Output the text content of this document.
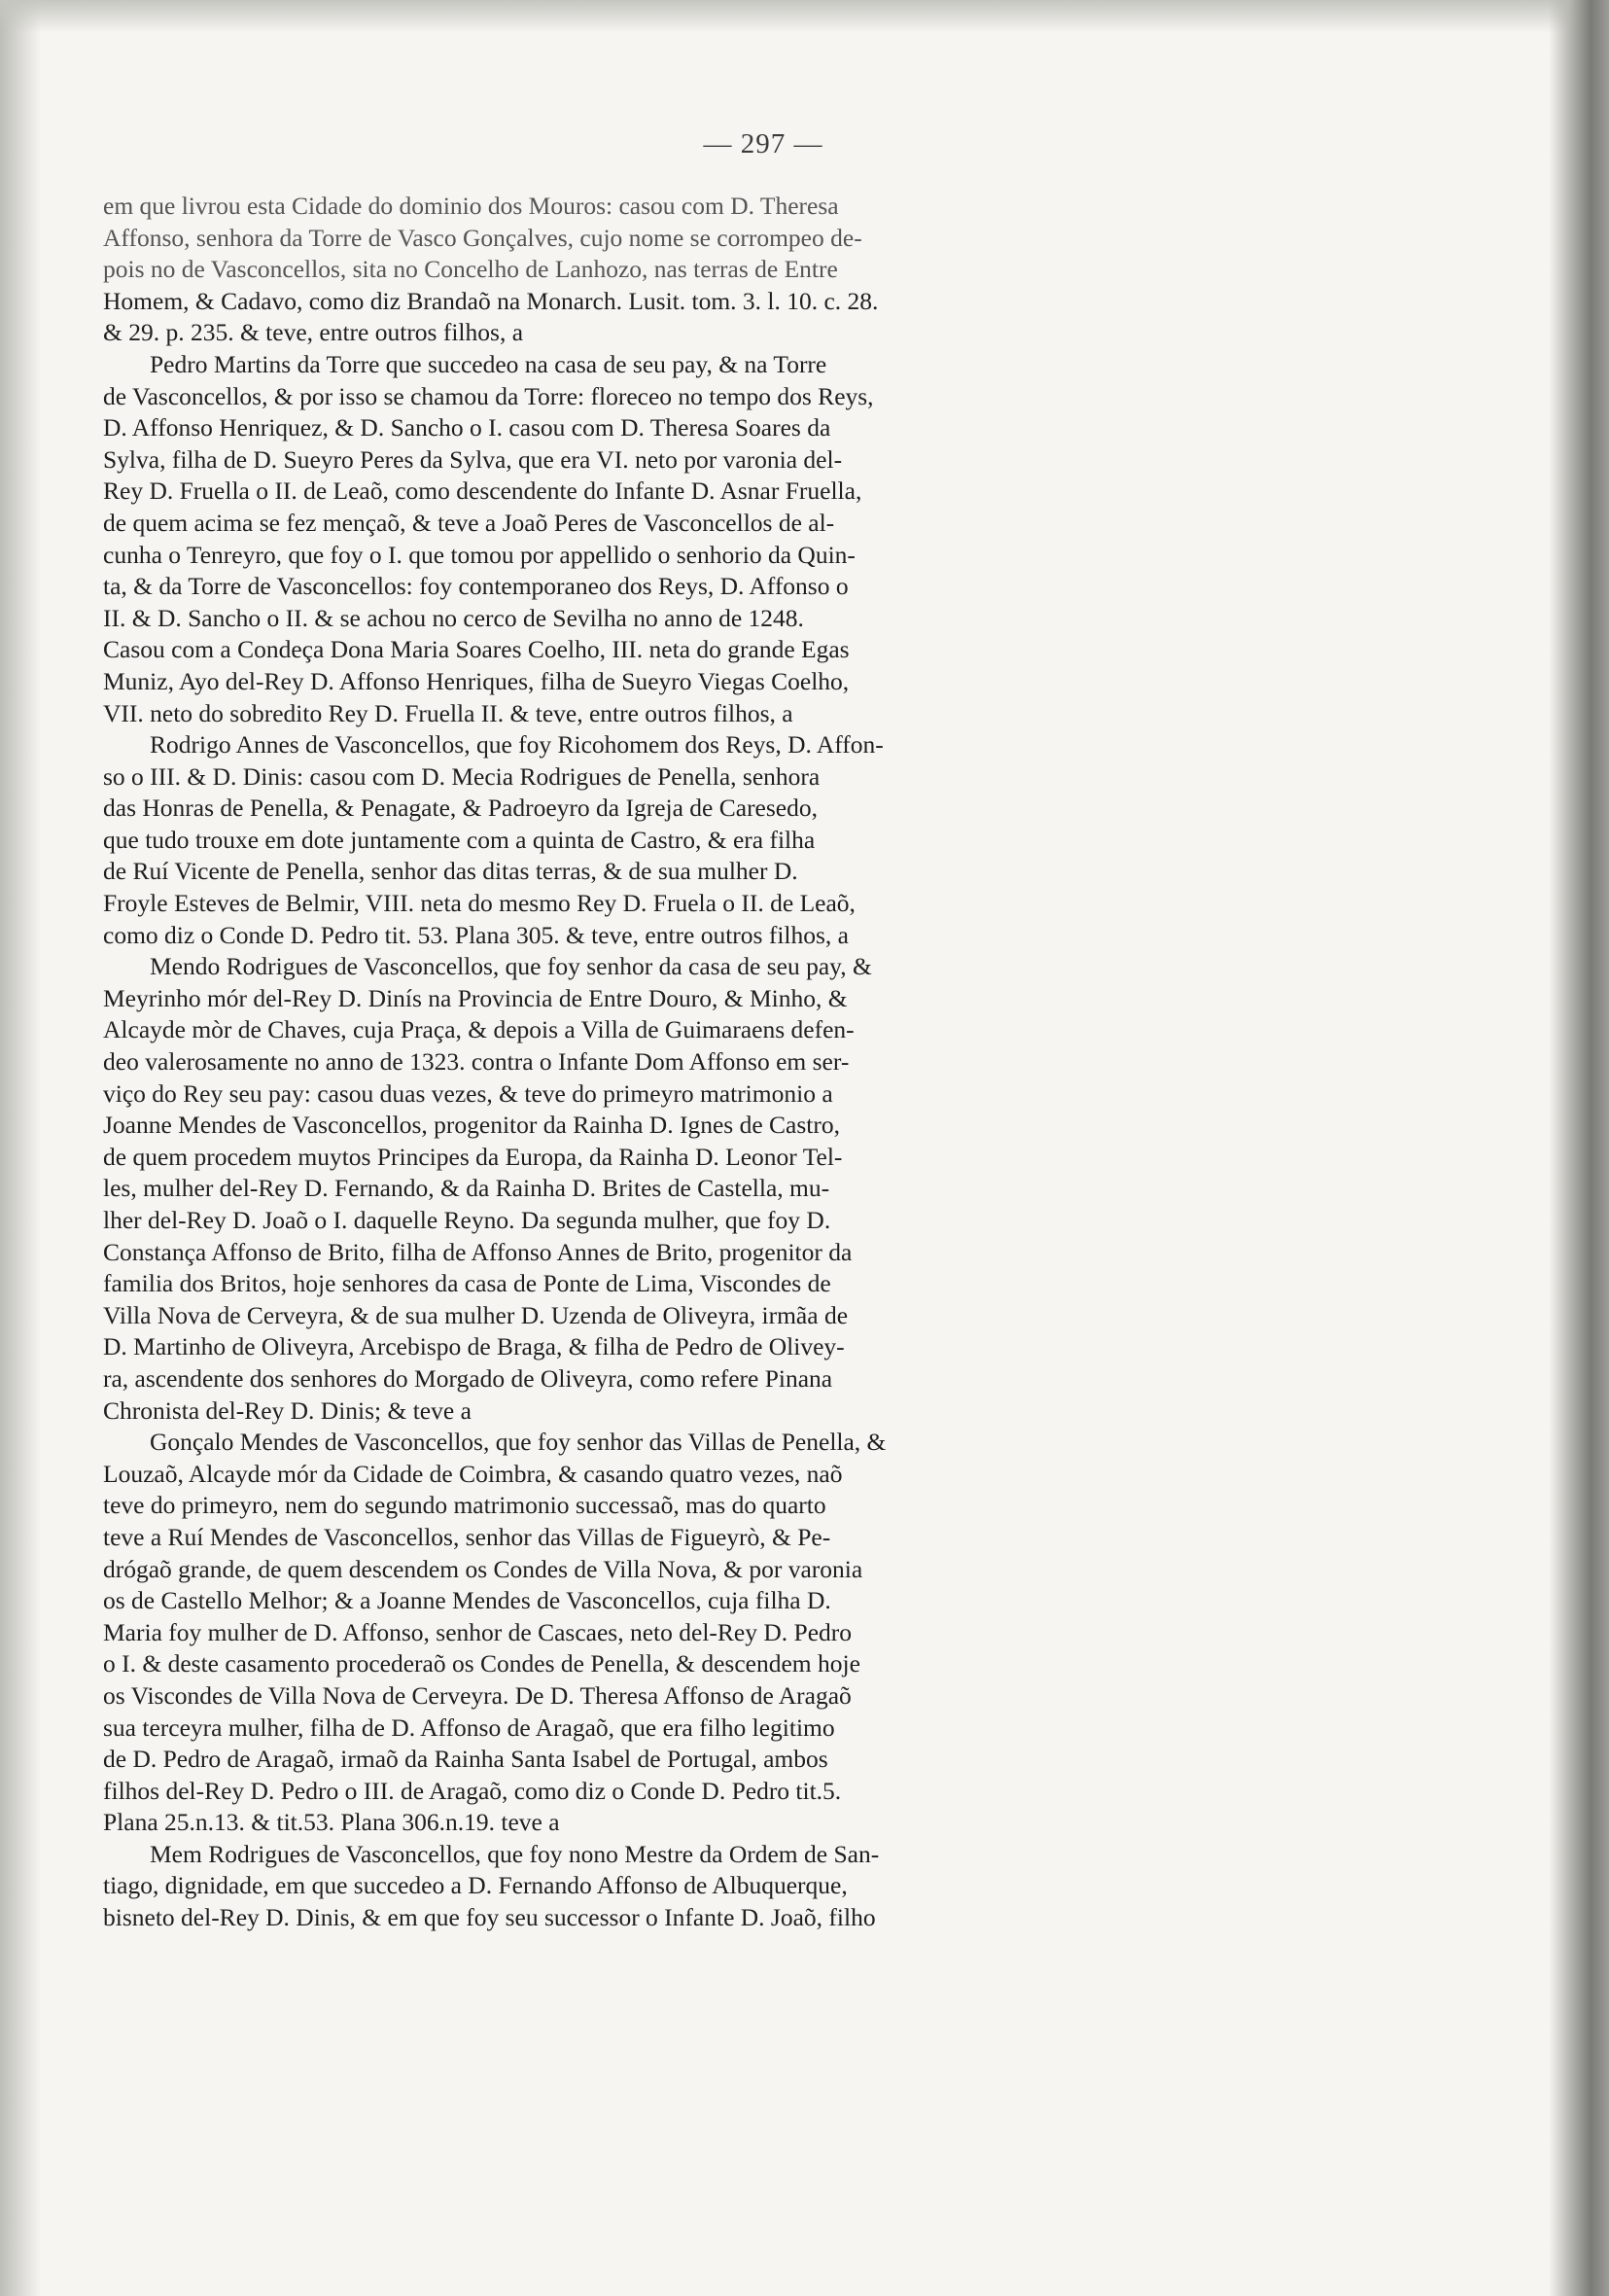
— 297 —
em que livrou esta Cidade do dominio dos Mouros: casou com D. Theresa
Affonso, senhora da Torre de Vasco Gonçalves, cujo nome se corrompeo de-
pois no de Vasconcellos, sita no Concelho de Lanhozo, nas terras de Entre
Homem, & Cadavo, como diz Brandaõ na Monarch. Lusit. tom. 3. l. 10. c. 28.
& 29. p. 235. & teve, entre outros filhos, a
Pedro Martins da Torre que succedeo na casa de seu pay, & na Torre
de Vasconcellos, & por isso se chamou da Torre: floreceo no tempo dos Reys,
D. Affonso Henriquez, & D. Sancho o I. casou com D. Theresa Soares da
Sylva, filha de D. Sueyro Peres da Sylva, que era VI. neto por varonia del-
Rey D. Fruella o II. de Leaõ, como descendente do Infante D. Asnar Fruella,
de quem acima se fez mençaõ, & teve a Joaõ Peres de Vasconcellos de al-
cunha o Tenreyro, que foy o I. que tomou por appellido o senhorio da Quin-
ta, & da Torre de Vasconcellos: foy contemporaneo dos Reys, D. Affonso o
II. & D. Sancho o II. & se achou no cerco de Sevilha no anno de 1248.
Casou com a Condeça Dona Maria Soares Coelho, III. neta do grande Egas
Muniz, Ayo del-Rey D. Affonso Henriques, filha de Sueyro Viegas Coelho,
VII. neto do sobredito Rey D. Fruella II. & teve, entre outros filhos, a
Rodrigo Annes de Vasconcellos, que foy Ricohomem dos Reys, D. Affon-
so o III. & D. Dinis: casou com D. Mecia Rodrigues de Penella, senhora
das Honras de Penella, & Penagate, & Padroeyro da Igreja de Caresedo,
que tudo trouxe em dote juntamente com a quinta de Castro, & era filha
de Ruí Vicente de Penella, senhor das ditas terras, & de sua mulher D.
Froyle Esteves de Belmir, VIII. neta do mesmo Rey D. Fruela o II. de Leaõ,
como diz o Conde D. Pedro tit. 53. Plana 305. & teve, entre outros filhos, a
Mendo Rodrigues de Vasconcellos, que foy senhor da casa de seu pay, &
Meyrinho mór del-Rey D. Dinís na Provincia de Entre Douro, & Minho, &
Alcayde mòr de Chaves, cuja Praça, & depois a Villa de Guimaraens defen-
deo valerosamente no anno de 1323. contra o Infante Dom Affonso em ser-
viço do Rey seu pay: casou duas vezes, & teve do primeyro matrimonio a
Joanne Mendes de Vasconcellos, progenitor da Rainha D. Ignes de Castro,
de quem procedem muytos Principes da Europa, da Rainha D. Leonor Tel-
les, mulher del-Rey D. Fernando, & da Rainha D. Brites de Castella, mu-
lher del-Rey D. Joaõ o I. daquelle Reyno. Da segunda mulher, que foy D.
Constança Affonso de Brito, filha de Affonso Annes de Brito, progenitor da
familia dos Britos, hoje senhores da casa de Ponte de Lima, Viscondes de
Villa Nova de Cerveyra, & de sua mulher D. Uzenda de Oliveyra, irmãa de
D. Martinho de Oliveyra, Arcebispo de Braga, & filha de Pedro de Olivey-
ra, ascendente dos senhores do Morgado de Oliveyra, como refere Pinana
Chronista del-Rey D. Dinis; & teve a
Gonçalo Mendes de Vasconcellos, que foy senhor das Villas de Penella, &
Louzaõ, Alcayde mór da Cidade de Coimbra, & casando quatro vezes, naõ
teve do primeyro, nem do segundo matrimonio successaõ, mas do quarto
teve a Ruí Mendes de Vasconcellos, senhor das Villas de Figueyrò, & Pe-
drógaõ grande, de quem descendem os Condes de Villa Nova, & por varonia
os de Castello Melhor; & a Joanne Mendes de Vasconcellos, cuja filha D.
Maria foy mulher de D. Affonso, senhor de Cascaes, neto del-Rey D. Pedro
o I. & deste casamento procederaõ os Condes de Penella, & descendem hoje
os Viscondes de Villa Nova de Cerveyra. De D. Theresa Affonso de Aragaõ
sua terceyra mulher, filha de D. Affonso de Aragaõ, que era filho legitimo
de D. Pedro de Aragaõ, irmaõ da Rainha Santa Isabel de Portugal, ambos
filhos del-Rey D. Pedro o III. de Aragaõ, como diz o Conde D. Pedro tit.5.
Plana 25.n.13. & tit.53. Plana 306.n.19. teve a
Mem Rodrigues de Vasconcellos, que foy nono Mestre da Ordem de San-
tiago, dignidade, em que succedeo a D. Fernando Affonso de Albuquerque,
bisneto del-Rey D. Dinis, & em que foy seu successor o Infante D. Joaõ, filho
